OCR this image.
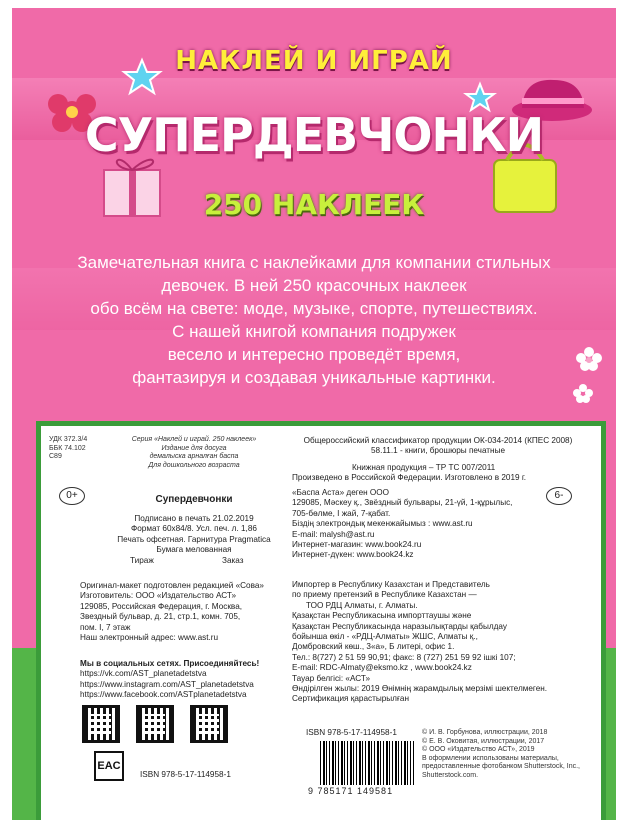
НАКЛЕЙ И ИГРАЙ
СУПЕРДЕВЧОНКИ
250 НАКЛЕЕК
Замечательная книга с наклейками для компании стильных
девочек. В ней 250 красочных наклеек
обо всём на свете: моде, музыке, спорте, путешествиях.
С нашей книгой компания подружек
весело и интересно проведёт время,
фантазируя и создавая уникальные картинки.
УДК 372.3/4
ББК 74.102
С89
Серия «Наклей и играй. 250 наклеек»
Издание для досуга
демалыска арналған баспа
Для дошкольного возраста
0+	Супердевчонки
Подписано в печать 21.02.2019
Формат 60x84/8. Усл. печ. л. 1,86
Печать офсетная. Гарнитура Pragmatica
Бумага мелованная
Тираж	Заказ
Оригинал-макет подготовлен редакцией «Сова»
Изготовитель: ООО «Издательство АСТ»
129085, Российская Федерация, г. Москва,
Звездный бульвар, д. 21, стр.1, комн. 705,
пом. I, 7 этаж
Наш электронный адрес: www.ast.ru
Мы в социальных сетях. Присоединяйтесь!
https://vk.com/AST_planetadetstva
https://www.instagram.com/AST_planetadetstva
https://www.facebook.com/ASTplanetadetstva
EAC
ISBN 978-5-17-114958-1
Общероссийский классификатор продукции ОК-034-2014 (КПЕС 2008)
58.11.1 - книги, брошюры печатные
Книжная продукция – ТР ТС 007/2011
Произведено в Российской Федерации. Изготовлено в 2019 г.
6-
«Баспа Аста» деген ООО
129085, Мәскеу қ., Звёздный бульвары, 21-үй, 1-құрылыс,
705-бөлме, I жай, 7-қабат.
Біздің электрондық мекенжайымыз : www.ast.ru
E-mail: malysh@ast.ru
Интернет-магазин: www.book24.ru
Интернет-дүкен: www.book24.kz
Импортер в Республику Казахстан и Представитель
по приему претензий в Республике Казахстан —
ТОО РДЦ Алматы, г. Алматы.
Қазақстан Республикасына импорттаушы және
Қазақстан Республикасында наразылықтарды қабылдау
бойынша өкіл - «РДЦ-Алматы» ЖШС, Алматы қ.,
Домбровский көш., 3«а», Б литері, офис 1.
Тел.: 8(727) 2 51 59 90,91; факс: 8 (727) 251 59 92 ішкі 107;
E-mail: RDC-Almaty@eksmo.kz , www.book24.kz
Тауар белгісі: «АСТ»
Өндірілген жылы: 2019 Өнімнің жарамдылық мерзімі шектелмеген.
Сертификация қарастырылған
ISBN 978-5-17-114958-1
9 785171 149581
© И. В. Горбунова, иллюстрации, 2018
© Е. В. Оковитая, иллюстрации, 2017
© ООО «Издательство АСТ», 2019
В оформлении использованы материалы,
предоставленные фотобанком Shutterstock, Inc.,
Shutterstock.com.
